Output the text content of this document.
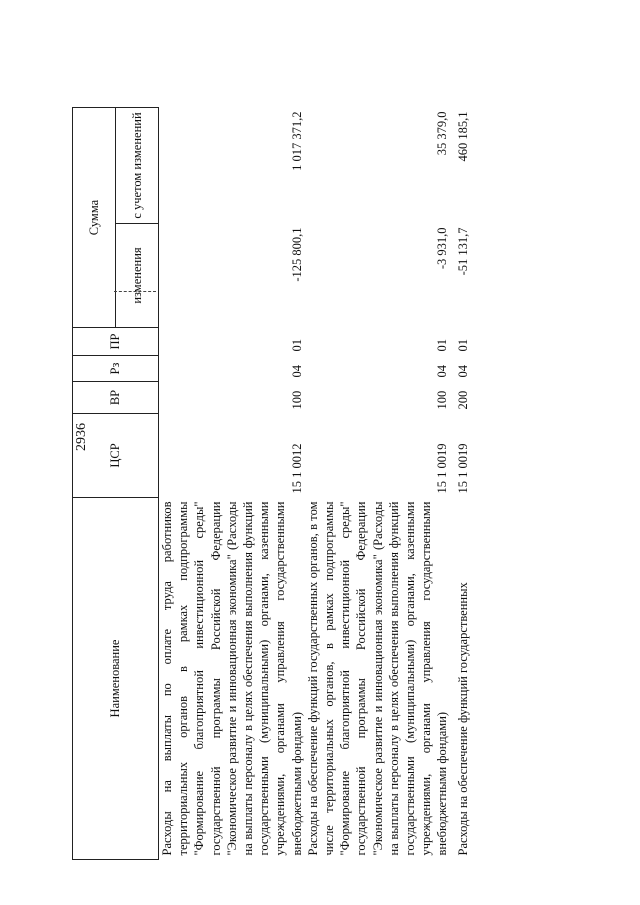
2936
Наименование	ЦСР	ВР	Рз	ПР	Сумма	
					изменения	с учетом изменений
Расходы на выплаты по оплате труда работников территориальных органов в рамках подпрограммы "Формирование благоприятной инвестиционной среды" государственной программы Российской Федерации "Экономическое развитие и инновационная экономика" (Расходы на выплаты персоналу в целях обеспечения выполнения функций государственными (муниципальными) органами, казенными учреждениями, органами управления государственными внебюджетными фондами)	15 1 0012	100	04	01	-125 800,1	1 017 371,2
Расходы на обеспечение функций государственных органов, в том числе территориальных органов, в рамках подпрограммы "Формирование благоприятной инвестиционной среды" государственной программы Российской Федерации "Экономическое развитие и инновационная экономика" (Расходы на выплаты персоналу в целях обеспечения выполнения функций государственными (муниципальными) органами, казенными учреждениями, органами управления государственными внебюджетными фондами)	15 1 0019	100	04	01	-3 931,0	35 379,0
Расходы на обеспечение функций государственных	15 1 0019	200	04	01	-51 131,7	460 185,1
